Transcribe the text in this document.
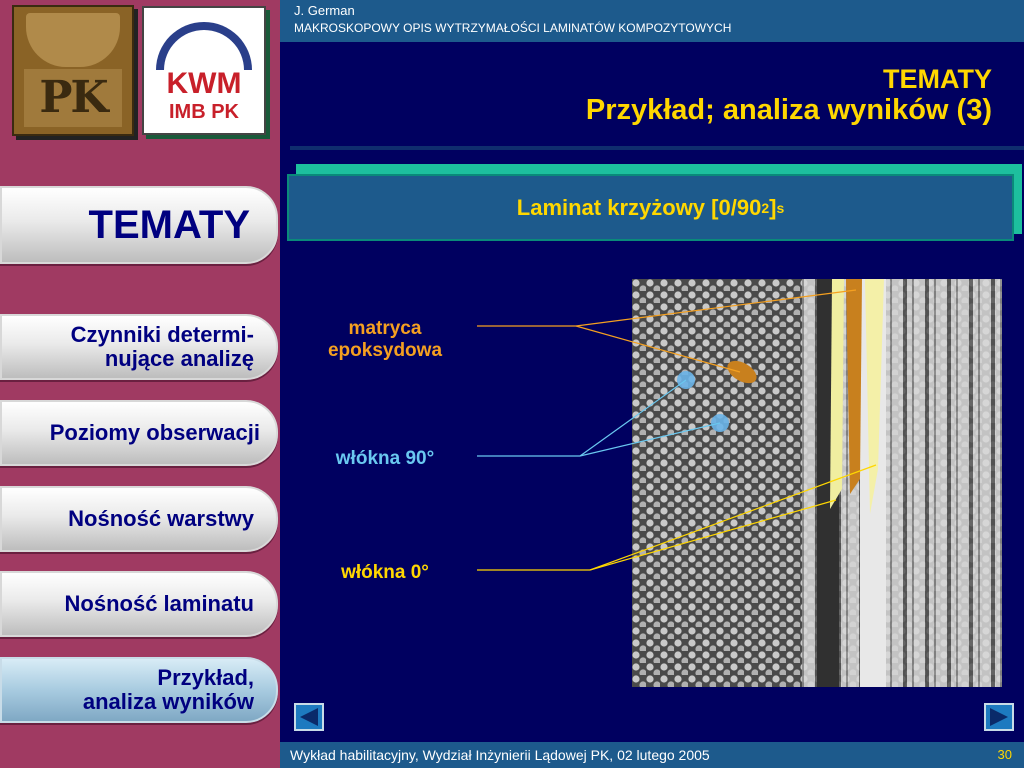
PK	KWM
IMB PK
TEMATY
Czynniki determi-
nujące analizę
Poziomy obserwacji
Nośność warstwy
Nośność laminatu
Przykład,
analiza wyników
J. German
MAKROSKOPOWY OPIS WYTRZYMAŁOŚCI LAMINATÓW KOMPOZYTOWYCH
TEMATY
Przykład; analiza wyników (3)
Laminat krzyżowy [0/90 2 ] s
matryca
epoksydowa
włókna 90°
włókna 0°
Wykład habilitacyjny, Wydział Inżynierii Lądowej PK, 02 lutego 2005	30
